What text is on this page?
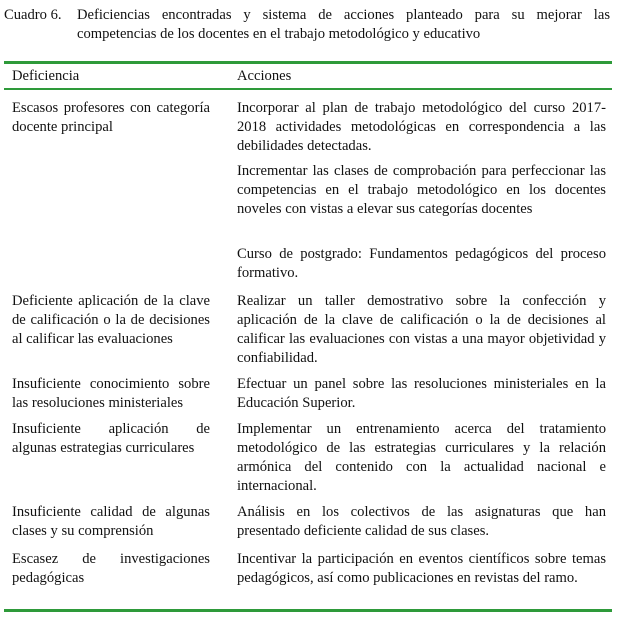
Cuadro 6. Deficiencias encontradas y sistema de acciones planteado para su mejorar las competencias de los docentes en el trabajo metodológico y educativo
Deficiencia	Acciones
Escasos profesores con categoría docente principal
Incorporar al plan de trabajo metodológico del curso 2017-2018 actividades metodológicas en correspondencia a las debilidades detectadas.
Incrementar las clases de comprobación para perfeccionar las competencias en el trabajo metodológico en los docentes noveles con vistas a elevar sus categorías docentes
Curso de postgrado: Fundamentos pedagógicos del proceso formativo.
Deficiente aplicación de la clave de calificación o la de decisiones al calificar las evaluaciones
Realizar un taller demostrativo sobre la confección y aplicación de la clave de calificación o la de decisiones al calificar las evaluaciones con vistas a una mayor objetividad y confiabilidad.
Insuficiente conocimiento sobre las resoluciones ministeriales
Efectuar un panel sobre las resoluciones ministeriales en la Educación Superior.
Insuficiente aplicación de algunas estrategias curriculares
Implementar un entrenamiento acerca del tratamiento metodológico de las estrategias curriculares y la relación armónica del contenido con la actualidad nacional e internacional.
Insuficiente calidad de algunas clases y su comprensión
Análisis en los colectivos de las asignaturas que han presentado deficiente calidad de sus clases.
Escasez de investigaciones pedagógicas
Incentivar la participación en eventos científicos sobre temas pedagógicos, así como publicaciones en revistas del ramo.
